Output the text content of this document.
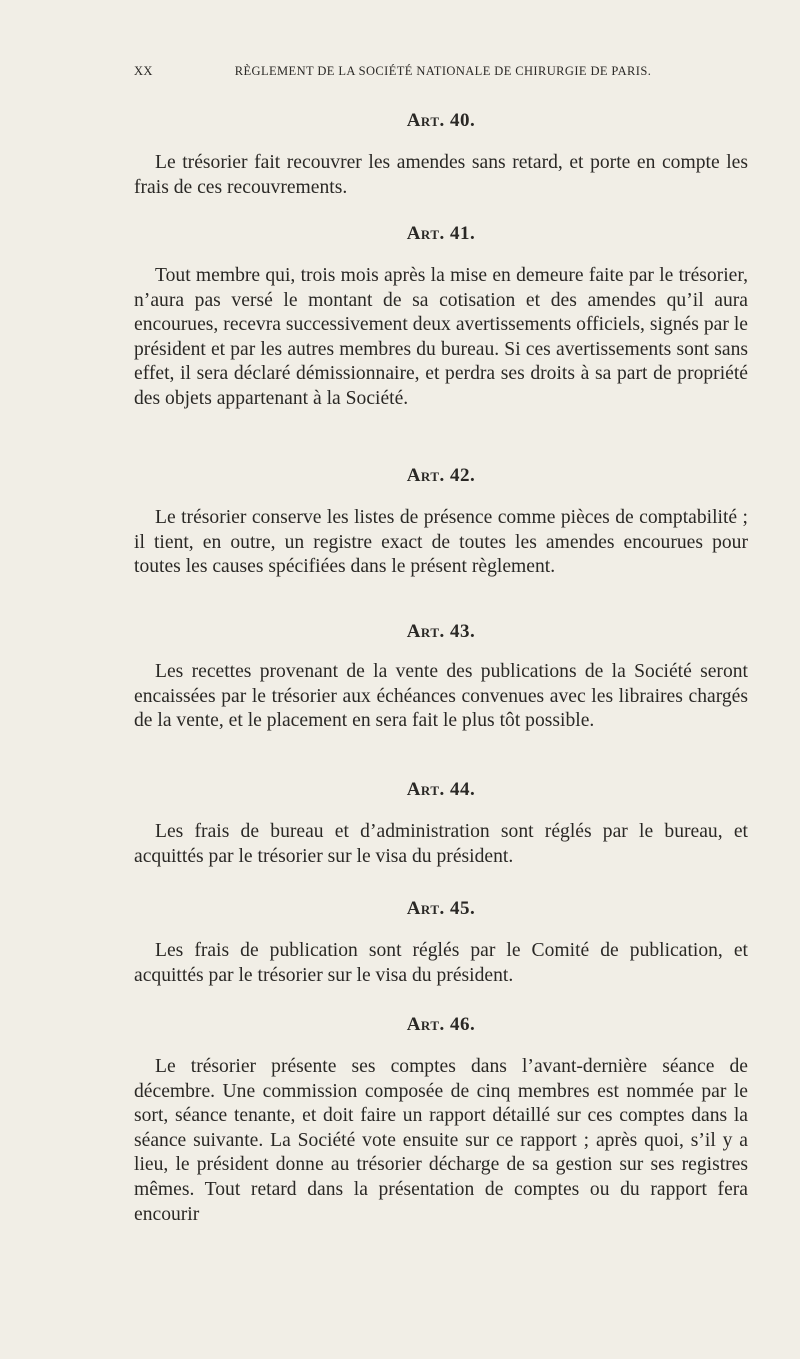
XX	RÈGLEMENT DE LA SOCIÉTÉ NATIONALE DE CHIRURGIE DE PARIS.
Art. 40.

Le trésorier fait recouvrer les amendes sans retard, et porte en compte les frais de ces recouvrements.

Art. 41.

Tout membre qui, trois mois après la mise en demeure faite par le trésorier, n’aura pas versé le montant de sa cotisation et des amendes qu’il aura encourues, recevra successivement deux avertissements officiels, signés par le président et par les autres membres du bureau. Si ces avertissements sont sans effet, il sera déclaré démissionnaire, et perdra ses droits à sa part de propriété des objets appartenant à la Société.

Art. 42.

Le trésorier conserve les listes de présence comme pièces de comptabilité ; il tient, en outre, un registre exact de toutes les amendes encourues pour toutes les causes spécifiées dans le présent règlement.

Art. 43.

Les recettes provenant de la vente des publications de la Société seront encaissées par le trésorier aux échéances convenues avec les libraires chargés de la vente, et le placement en sera fait le plus tôt possible.

Art. 44.

Les frais de bureau et d’administration sont réglés par le bureau, et acquittés par le trésorier sur le visa du président.

Art. 45.

Les frais de publication sont réglés par le Comité de publication, et acquittés par le trésorier sur le visa du président.

Art. 46.

Le trésorier présente ses comptes dans l’avant-dernière séance de décembre. Une commission composée de cinq membres est nommée par le sort, séance tenante, et doit faire un rapport détaillé sur ces comptes dans la séance suivante. La Société vote ensuite sur ce rapport ; après quoi, s’il y a lieu, le président donne au trésorier décharge de sa gestion sur ses registres mêmes. Tout retard dans la présentation de comptes ou du rapport fera encourir
